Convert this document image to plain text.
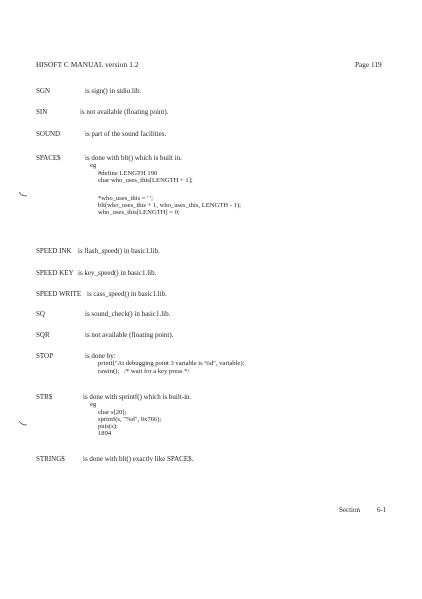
HISOFT C MANUAL version 1.2	Page 119
SGN	is sign() in stdio.lib.
SIN	is not available (floating point).
SOUND	is part of the sound facilities.
SPACE$	is done with blt() which is built in.
eg
#define LENGTH 190
char who_uses_this[LENGTH + 1];
*who_uses_this = ' ';
blt(who_uses_this + 1, who_uses_this, LENGTH - 1);
who_uses_this[LENGTH] = 0;
SPEED INK is flash_speed() in basic1.lib.
SPEED KEY is key_speed() in basic1.lib.
SPEED WRITE is cass_speed() in basic1.lib.
SQ	is sound_check() in basic1.lib.
SQR	is not available (floating point).
STOP	is done by:
printf("At debugging point 3 variable is %d", variable);
rawin();   /* wait for a key press */
STR$	is done with sprintf() which is built-in.
eg
char s[20];
sprintf(s, "%d", 0x766);
puts(s);
1894
STRING$	is done with blt() exactly like SPACE$.
Section 6-1
